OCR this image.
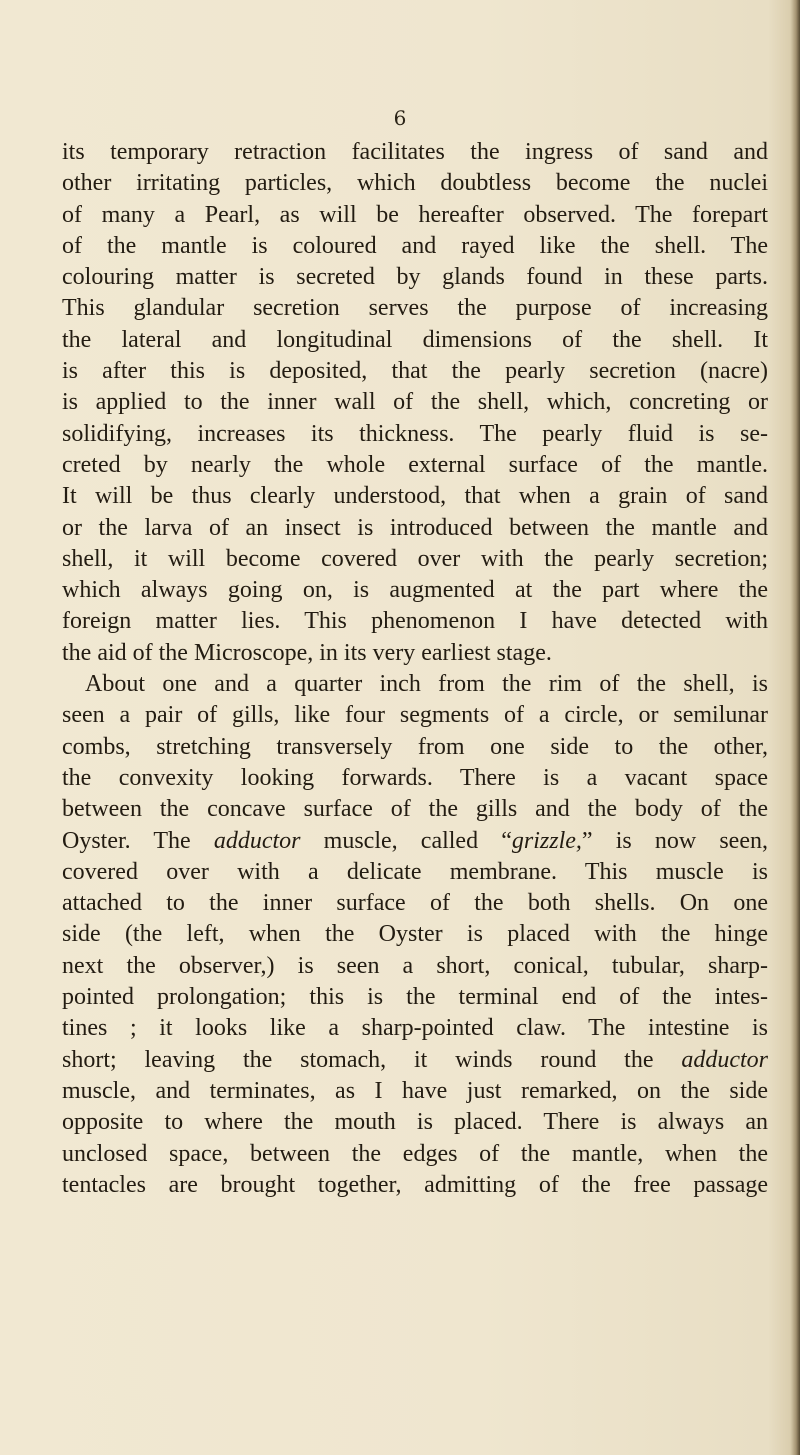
6
its temporary retraction facilitates the ingress of sand and
other irritating particles, which doubtless become the nuclei
of many a Pearl, as will be hereafter observed. The forepart
of the mantle is coloured and rayed like the shell. The
colouring matter is secreted by glands found in these parts.
This glandular secretion serves the purpose of increasing
the lateral and longitudinal dimensions of the shell. It
is after this is deposited, that the pearly secretion (nacre)
is applied to the inner wall of the shell, which, concreting or
solidifying, increases its thickness. The pearly fluid is se-
creted by nearly the whole external surface of the mantle.
It will be thus clearly understood, that when a grain of sand
or the larva of an insect is introduced between the mantle and
shell, it will become covered over with the pearly secretion;
which always going on, is augmented at the part where the
foreign matter lies. This phenomenon I have detected with
the aid of the Microscope, in its very earliest stage.
About one and a quarter inch from the rim of the shell, is
seen a pair of gills, like four segments of a circle, or semilunar
combs, stretching transversely from one side to the other,
the convexity looking forwards. There is a vacant space
between the concave surface of the gills and the body of the
Oyster. The adductor muscle, called “grizzle,” is now seen,
covered over with a delicate membrane. This muscle is
attached to the inner surface of the both shells. On one
side (the left, when the Oyster is placed with the hinge
next the observer,) is seen a short, conical, tubular, sharp-
pointed prolongation; this is the terminal end of the intes-
tines ; it looks like a sharp-pointed claw. The intestine is
short; leaving the stomach, it winds round the adductor
muscle, and terminates, as I have just remarked, on the side
opposite to where the mouth is placed. There is always an
unclosed space, between the edges of the mantle, when the
tentacles are brought together, admitting of the free passage
